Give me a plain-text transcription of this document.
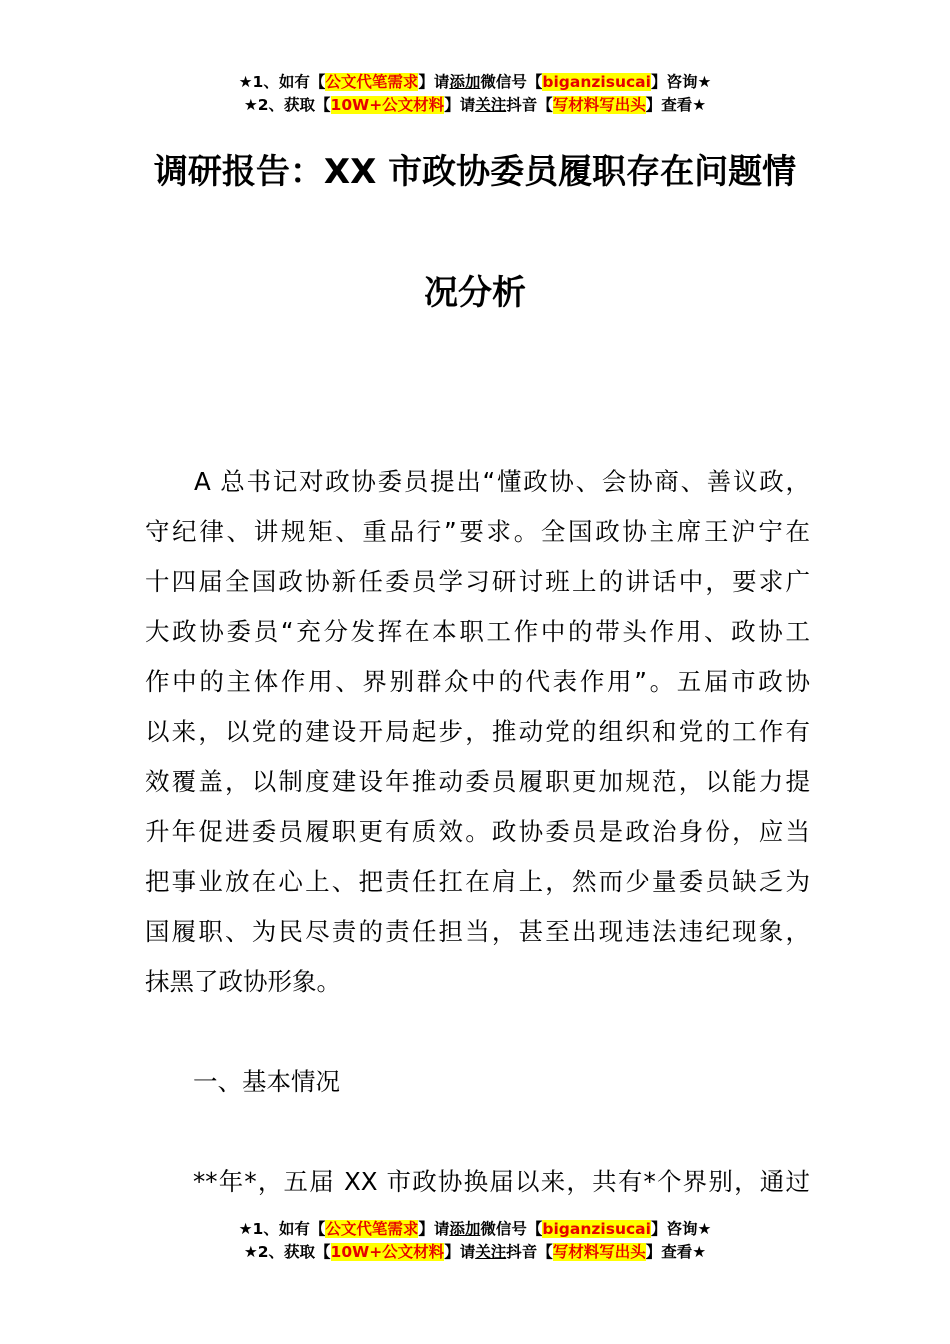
★1、如有【公文代笔需求】请添加微信号【biganzisucai】咨询★
★2、获取【10W+公文材料】请关注抖音【写材料写出头】查看★
调研报告：XX 市政协委员履职存在问题情
况分析
A 总书记对政协委员提出“懂政协、会协商、善议政，
守纪律、讲规矩、重品行”要求。全国政协主席王沪宁在
十四届全国政协新任委员学习研讨班上的讲话中，要求广
大政协委员“充分发挥在本职工作中的带头作用、政协工
作中的主体作用、界别群众中的代表作用”。五届市政协
以来，以党的建设开局起步，推动党的组织和党的工作有
效覆盖，以制度建设年推动委员履职更加规范，以能力提
升年促进委员履职更有质效。政协委员是政治身份，应当
把事业放在心上、把责任扛在肩上，然而少量委员缺乏为
国履职、为民尽责的责任担当，甚至出现违法违纪现象，
抹黑了政协形象。
一、基本情况
**年*，五届 XX 市政协换届以来，共有*个界别，通过
★1、如有【公文代笔需求】请添加微信号【biganzisucai】咨询★
★2、获取【10W+公文材料】请关注抖音【写材料写出头】查看★
